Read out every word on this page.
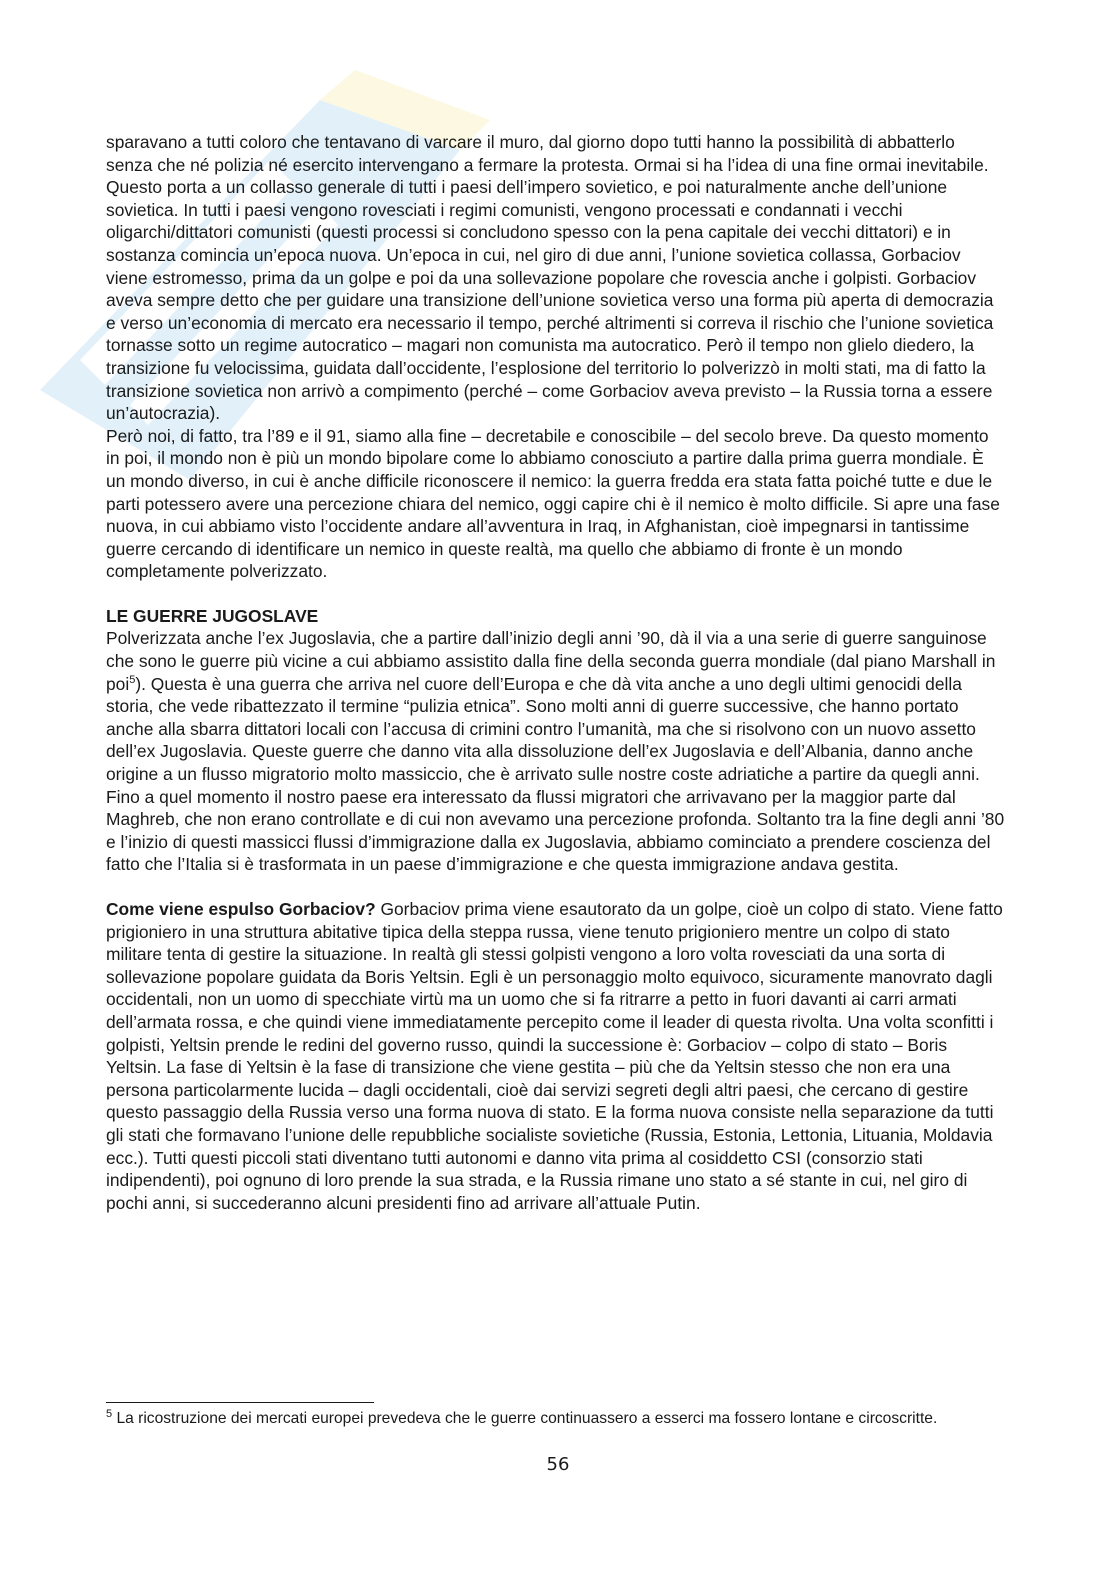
sparavano a tutti coloro che tentavano di varcare il muro, dal giorno dopo tutti hanno la possibilità di abbatterlo senza che né polizia né esercito intervengano a fermare la protesta. Ormai si ha l’idea di una fine ormai inevitabile. Questo porta a un collasso generale di tutti i paesi dell’impero sovietico, e poi naturalmente anche dell’unione sovietica. In tutti i paesi vengono rovesciati i regimi comunisti, vengono processati e condannati i vecchi oligarchi/dittatori comunisti (questi processi si concludono spesso con la pena capitale dei vecchi dittatori) e in sostanza comincia un’epoca nuova. Un’epoca in cui, nel giro di due anni, l’unione sovietica collassa, Gorbaciov viene estromesso, prima da un golpe e poi da una sollevazione popolare che rovescia anche i golpisti. Gorbaciov aveva sempre detto che per guidare una transizione dell’unione sovietica verso una forma più aperta di democrazia e verso un’economia di mercato era necessario il tempo, perché altrimenti si correva il rischio che l’unione sovietica tornasse sotto un regime autocratico – magari non comunista ma autocratico. Però il tempo non glielo diedero, la transizione fu velocissima, guidata dall’occidente, l’esplosione del territorio lo polverizzò in molti stati, ma di fatto la transizione sovietica non arrivò a compimento (perché – come Gorbaciov aveva previsto – la Russia torna a essere un’autocrazia).

Però noi, di fatto, tra l’89 e il 91, siamo alla fine – decretabile e conoscibile – del secolo breve. Da questo momento in poi, il mondo non è più un mondo bipolare come lo abbiamo conosciuto a partire dalla prima guerra mondiale. È un mondo diverso, in cui è anche difficile riconoscere il nemico: la guerra fredda era stata fatta poiché tutte e due le parti potessero avere una percezione chiara del nemico, oggi capire chi è il nemico è molto difficile. Si apre una fase nuova, in cui abbiamo visto l’occidente andare all’avventura in Iraq, in Afghanistan, cioè impegnarsi in tantissime guerre cercando di identificare un nemico in queste realtà, ma quello che abbiamo di fronte è un mondo completamente polverizzato.

LE GUERRE JUGOSLAVE

Polverizzata anche l’ex Jugoslavia, che a partire dall’inizio degli anni ’90, dà il via a una serie di guerre sanguinose che sono le guerre più vicine a cui abbiamo assistito dalla fine della seconda guerra mondiale (dal piano Marshall in poi$^5$). Questa è una guerra che arriva nel cuore dell’Europa e che dà vita anche a uno degli ultimi genocidi della storia, che vede ribattezzato il termine “pulizia etnica”. Sono molti anni di guerre successive, che hanno portato anche alla sbarra dittatori locali con l’accusa di crimini contro l’umanità, ma che si risolvono con un nuovo assetto dell’ex Jugoslavia. Queste guerre che danno vita alla dissoluzione dell’ex Jugoslavia e dell’Albania, danno anche origine a un flusso migratorio molto massiccio, che è arrivato sulle nostre coste adriatiche a partire da quegli anni. Fino a quel momento il nostro paese era interessato da flussi migratori che arrivavano per la maggior parte dal Maghreb, che non erano controllate e di cui non avevamo una percezione profonda. Soltanto tra la fine degli anni ’80 e l’inizio di questi massicci flussi d’immigrazione dalla ex Jugoslavia, abbiamo cominciato a prendere coscienza del fatto che l’Italia si è trasformata in un paese d’immigrazione e che questa immigrazione andava gestita.

Come viene espulso Gorbaciov? Gorbaciov prima viene esautorato da un golpe, cioè un colpo di stato. Viene fatto prigioniero in una struttura abitative tipica della steppa russa, viene tenuto prigioniero mentre un colpo di stato militare tenta di gestire la situazione. In realtà gli stessi golpisti vengono a loro volta rovesciati da una sorta di sollevazione popolare guidata da Boris Yeltsin. Egli è un personaggio molto equivoco, sicuramente manovrato dagli occidentali, non un uomo di specchiate virtù ma un uomo che si fa ritrarre a petto in fuori davanti ai carri armati dell’armata rossa, e che quindi viene immediatamente percepito come il leader di questa rivolta. Una volta sconfitti i golpisti, Yeltsin prende le redini del governo russo, quindi la successione è: Gorbaciov – colpo di stato – Boris Yeltsin. La fase di Yeltsin è la fase di transizione che viene gestita – più che da Yeltsin stesso che non era una persona particolarmente lucida – dagli occidentali, cioè dai servizi segreti degli altri paesi, che cercano di gestire questo passaggio della Russia verso una forma nuova di stato. E la forma nuova consiste nella separazione da tutti gli stati che formavano l’unione delle repubbliche socialiste sovietiche (Russia, Estonia, Lettonia, Lituania, Moldavia ecc.). Tutti questi piccoli stati diventano tutti autonomi e danno vita prima al cosiddetto CSI (consorzio stati indipendenti), poi ognuno di loro prende la sua strada, e la Russia rimane uno stato a sé stante in cui, nel giro di pochi anni, si succederanno alcuni presidenti fino ad arrivare all’attuale Putin.

$^5$ La ricostruzione dei mercati europei prevedeva che le guerre continuassero a esserci ma fossero lontane e circoscritte.
56
